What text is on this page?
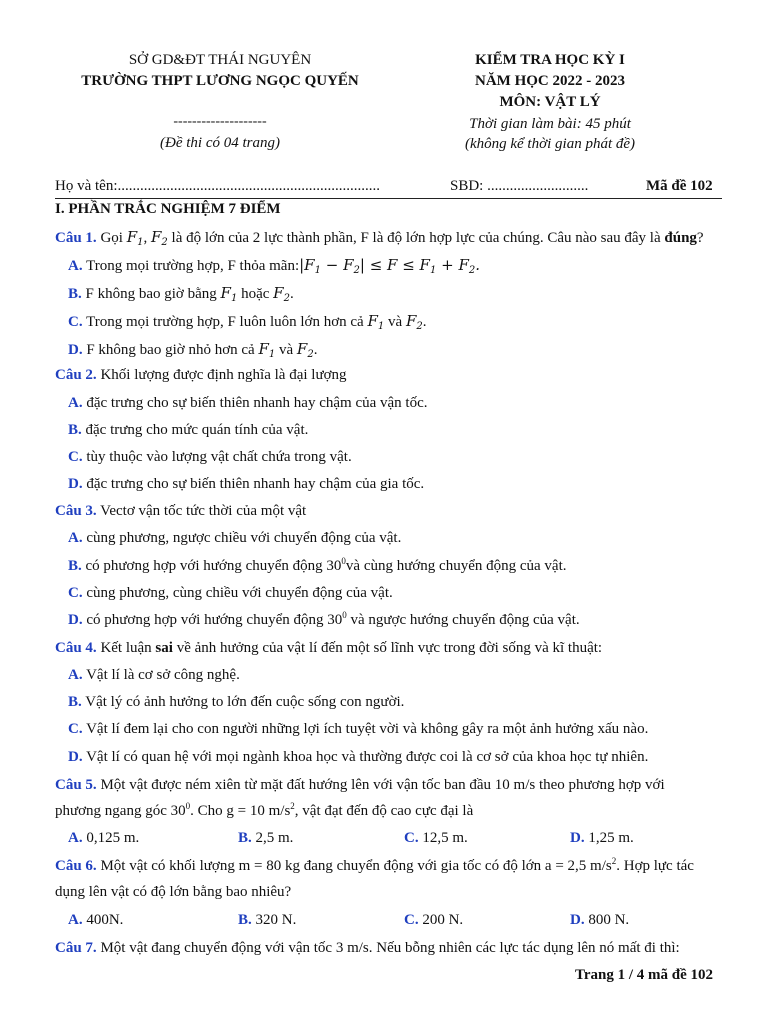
SỞ GD&ĐT THÁI NGUYÊN
TRƯỜNG THPT LƯƠNG NGỌC QUYẾN
--------------------
(Đề thi có 04 trang)
KIỂM TRA HỌC KỲ I
NĂM HỌC 2022 - 2023
MÔN: VẬT LÝ
Thời gian làm bài: 45 phút
(không kể thời gian phát đề)
Họ và tên:......................................................................	SBD: ...........................	Mã đề 102
I. PHẦN TRẮC NGHIỆM 7 ĐIỂM
Câu 1. Gọi $F_1$, $F_2$ là độ lớn của 2 lực thành phần, F là độ lớn hợp lực của chúng. Câu nào sau đây là đúng?
A. Trong mọi trường hợp, F thỏa $mãn:|F_1 - F_2| \le F \le F_1 + F_2$.
B. F không bao giờ bằng $F_1$ hoặc $F_2$.
C. Trong mọi trường hợp, F luôn luôn lớn hơn cả $F_1$ và $F_2$.
D. F không bao giờ nhỏ hơn cả $F_1$ và $F_2$.
Câu 2. Khối lượng được định nghĩa là đại lượng
A. đặc trưng cho sự biến thiên nhanh hay chậm của vận tốc.
B. đặc trưng cho mức quán tính của vật.
C. tùy thuộc vào lượng vật chất chứa trong vật.
D. đặc trưng cho sự biến thiên nhanh hay chậm của gia tốc.
Câu 3. Vectơ vận tốc tức thời của một vật
A. cùng phương, ngược chiều với chuyển động của vật.
B. có phương hợp với hướng chuyển động $30^0và$ cùng hướng chuyển động của vật.
C. cùng phương, cùng chiều với chuyển động của vật.
D. có phương hợp với hướng chuyển động $30^0$ và ngược hướng chuyển động của vật.
Câu 4. Kết luận sai về ảnh hưởng của vật lí đến một số lĩnh vực trong đời sống và kĩ thuật:
A. Vật lí là cơ sở công nghệ.
B. Vật lý có ảnh hưởng to lớn đến cuộc sống con người.
C. Vật lí đem lại cho con người những lợi ích tuyệt vời và không gây ra một ảnh hưởng xấu nào.
D. Vật lí có quan hệ với mọi ngành khoa học và thường được coi là cơ sở của khoa học tự nhiên.
Câu 5. Một vật được ném xiên từ mặt đất hướng lên với vận tốc ban đầu 10 m/s theo phương hợp với
phương ngang góc $30^0$. Cho g = 10 $m/s^2$, vật đạt đến độ cao cực đại là
A. 0,125 m.	B. 2,5 m.	C. 12,5 m.	D. 1,25 m.
Câu 6. Một vật có khối lượng m = 80 kg đang chuyển động với gia tốc có độ lớn a = 2,5 $m/s^2$. Hợp lực tác
dụng lên vật có độ lớn bằng bao nhiêu?
A. 400N.	B. 320 N.	C. 200 N.	D. 800 N.
Câu 7. Một vật đang chuyển động với vận tốc 3 m/s. Nếu bỗng nhiên các lực tác dụng lên nó mất đi thì:
Trang 1 / 4 mã đề 102
